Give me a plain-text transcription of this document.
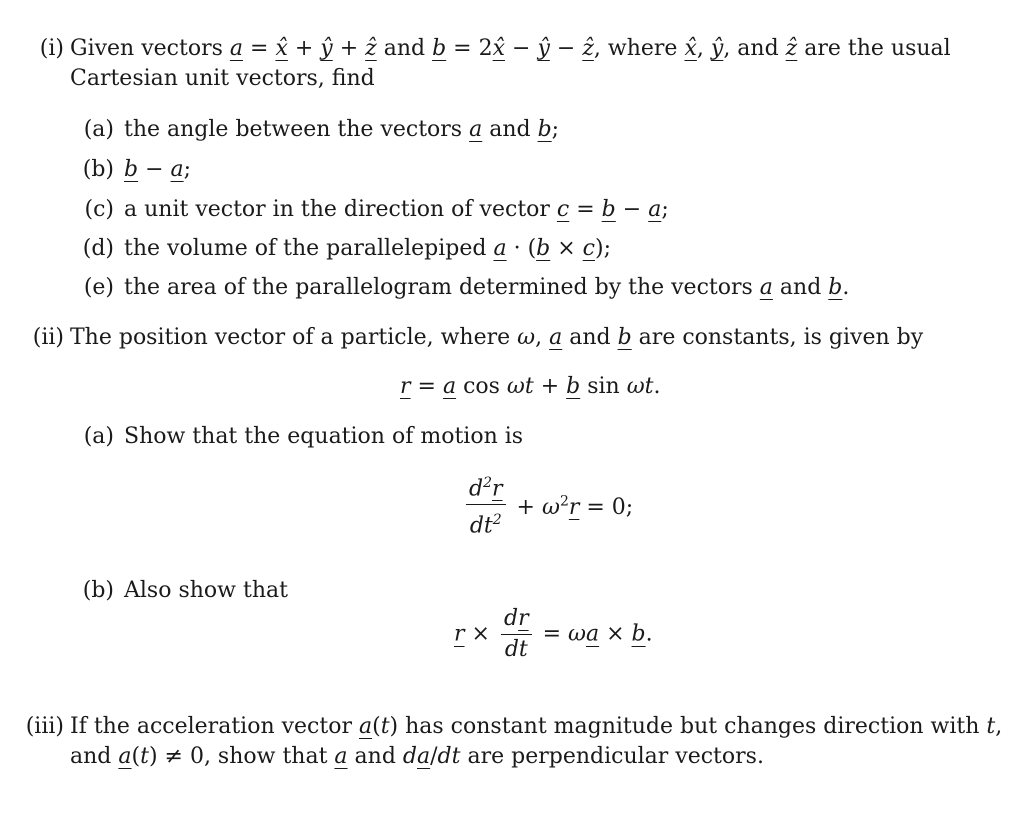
(i) Given vectors a = x̂ + ŷ + ẑ and b = 2x̂ − ŷ − ẑ, where x̂, ŷ, and ẑ are the usual
Cartesian unit vectors, find
(a) the angle between the vectors a and b;
(b) b − a;
(c) a unit vector in the direction of vector c = b − a;
(d) the volume of the parallelepiped a · (b × c);
(e) the area of the parallelogram determined by the vectors a and b.
(ii) The position vector of a particle, where ω, a and b are constants, is given by
r = a cos ωt + b sin ωt.
(a) Show that the equation of motion is
$\frac{d^2r}{dt^2} + \omega^2r = 0$;
(b) Also show that
$r \times \frac{dr}{dt} = \omega a \times b$.
(iii) If the acceleration vector a(t) has constant magnitude but changes direction with t,
and a(t) ≠ 0, show that a and da/dt are perpendicular vectors.
